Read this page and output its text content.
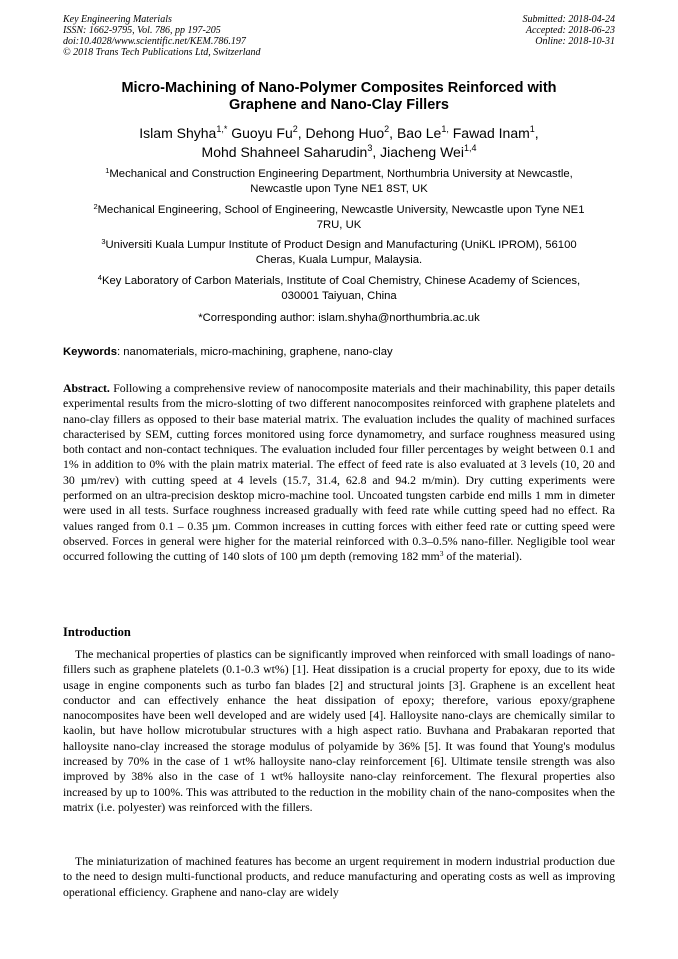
Key Engineering Materials
ISSN: 1662-9795, Vol. 786, pp 197-205
doi:10.4028/www.scientific.net/KEM.786.197
© 2018 Trans Tech Publications Ltd, Switzerland
Submitted: 2018-04-24
Accepted: 2018-06-23
Online: 2018-10-31
Micro-Machining of Nano-Polymer Composites Reinforced with
Graphene and Nano-Clay Fillers
Islam Shyha$^{1,*}$ Guoyu Fu$^2$, Dehong Huo$^2$, Bao $Le^{1,}$ Fawad Inam$^1$,
Mohd Shahneel Saharudin$^3$, Jiacheng Wei$^{1,4}$
$^1$Mechanical and Construction Engineering Department, Northumbria University at Newcastle,
Newcastle upon Tyne NE1 8ST, UK
$^2$Mechanical Engineering, School of Engineering, Newcastle University, Newcastle upon Tyne NE1
7RU, UK
$^3$Universiti Kuala Lumpur Institute of Product Design and Manufacturing (UniKL IPROM), 56100
Cheras, Kuala Lumpur, Malaysia.
$^4$Key Laboratory of Carbon Materials, Institute of Coal Chemistry, Chinese Academy of Sciences,
030001 Taiyuan, China
*Corresponding author: islam.shyha@northumbria.ac.uk
Keywords: nanomaterials, micro-machining, graphene, nano-clay
Abstract. Following a comprehensive review of nanocomposite materials and their machinability, this paper details experimental results from the micro-slotting of two different nanocomposites reinforced with graphene platelets and nano-clay fillers as opposed to their base material matrix. The evaluation includes the quality of machined surfaces characterised by SEM, cutting forces monitored using force dynamometry, and surface roughness measured using both contact and non-contact techniques. The evaluation included four filler percentages by weight between 0.1 and 1% in addition to 0% with the plain matrix material. The effect of feed rate is also evaluated at 3 levels (10, 20 and 30 µm/rev) with cutting speed at 4 levels (15.7, 31.4, 62.8 and 94.2 m/min). Dry cutting experiments were performed on an ultra-precision desktop micro-machine tool. Uncoated tungsten carbide end mills 1 mm in dimeter were used in all tests. Surface roughness increased gradually with feed rate while cutting speed had no effect. Ra values ranged from 0.1 – 0.35 µm. Common increases in cutting forces with either feed rate or cutting speed were observed. Forces in general were higher for the material reinforced with 0.3–0.5% nano-filler. Negligible tool wear occurred following the cutting of 140 slots of 100 µm depth (removing 182 $mm^3$ of the material).
Introduction
The mechanical properties of plastics can be significantly improved when reinforced with small loadings of nano-fillers such as graphene platelets (0.1-0.3 wt%) [1]. Heat dissipation is a crucial property for epoxy, due to its wide usage in engine components such as turbo fan blades [2] and structural joints [3]. Graphene is an excellent heat conductor and can effectively enhance the heat dissipation of epoxy; therefore, various epoxy/graphene nanocomposites have been well developed and are widely used [4]. Halloysite nano-clays are chemically similar to kaolin, but have hollow microtubular structures with a high aspect ratio. Buvhana and Prabakaran reported that halloysite nano-clay increased the storage modulus of polyamide by 36% [5]. It was found that Young's modulus increased by 70% in the case of 1 wt% halloysite nano-clay reinforcement [6]. Ultimate tensile strength was also improved by 38% also in the case of 1 wt% halloysite nano-clay reinforcement. The flexural properties also increased by up to 100%. This was attributed to the reduction in the mobility chain of the nano-composites when the matrix (i.e. polyester) was reinforced with the fillers.
The miniaturization of machined features has become an urgent requirement in modern industrial production due to the need to design multi-functional products, and reduce manufacturing and operating costs as well as improving operational efficiency. Graphene and nano-clay are widely
